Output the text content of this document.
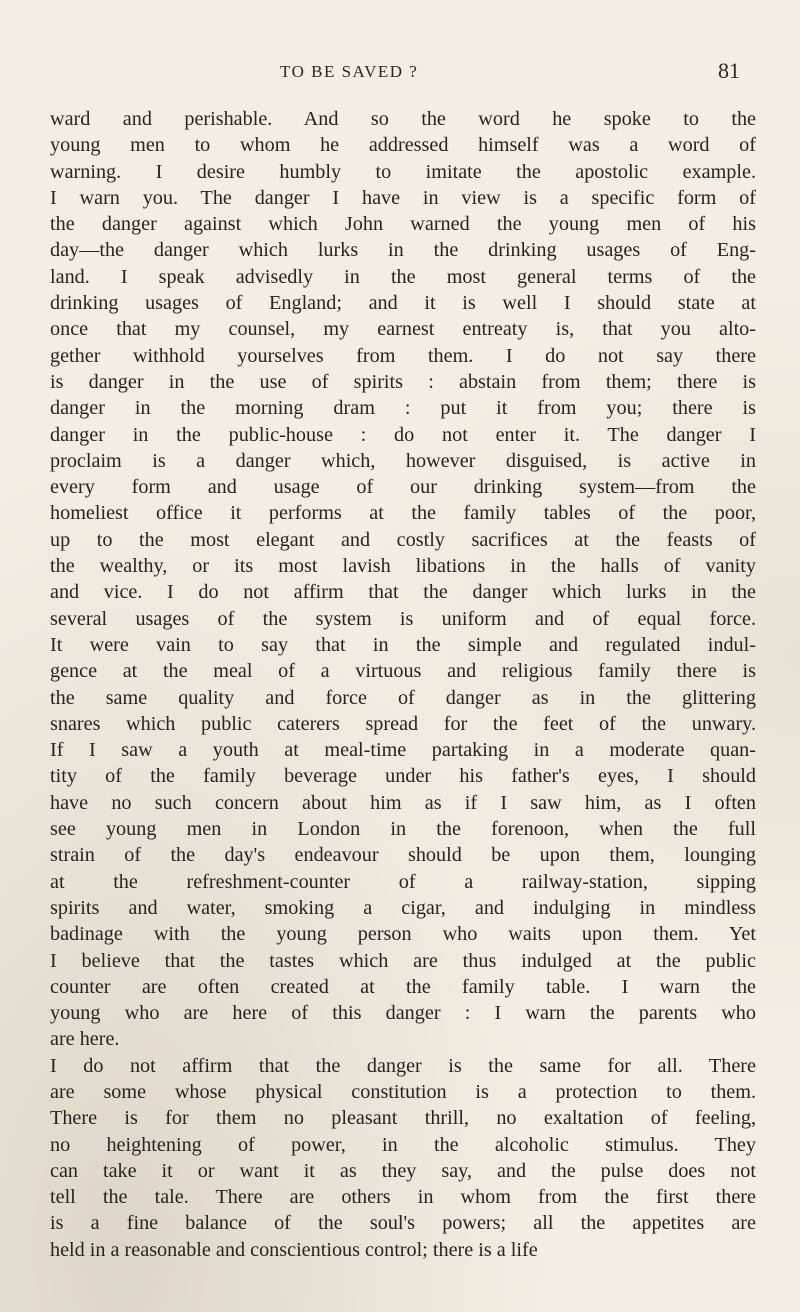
TO BE SAVED ?	81
ward and perishable. And so the word he spoke to the
young men to whom he addressed himself was a word of
warning. I desire humbly to imitate the apostolic example.
I warn you. The danger I have in view is a specific form of
the danger against which John warned the young men of his
day—the danger which lurks in the drinking usages of Eng-
land. I speak advisedly in the most general terms of the
drinking usages of England; and it is well I should state at
once that my counsel, my earnest entreaty is, that you alto-
gether withhold yourselves from them. I do not say there
is danger in the use of spirits : abstain from them; there is
danger in the morning dram : put it from you; there is
danger in the public-house : do not enter it. The danger I
proclaim is a danger which, however disguised, is active in
every form and usage of our drinking system—from the
homeliest office it performs at the family tables of the poor,
up to the most elegant and costly sacrifices at the feasts of
the wealthy, or its most lavish libations in the halls of vanity
and vice. I do not affirm that the danger which lurks in the
several usages of the system is uniform and of equal force.
It were vain to say that in the simple and regulated indul-
gence at the meal of a virtuous and religious family there is
the same quality and force of danger as in the glittering
snares which public caterers spread for the feet of the unwary.
If I saw a youth at meal-time partaking in a moderate quan-
tity of the family beverage under his father's eyes, I should
have no such concern about him as if I saw him, as I often
see young men in London in the forenoon, when the full
strain of the day's endeavour should be upon them, lounging
at the refreshment-counter of a railway-station, sipping
spirits and water, smoking a cigar, and indulging in mindless
badinage with the young person who waits upon them. Yet
I believe that the tastes which are thus indulged at the public
counter are often created at the family table. I warn the
young who are here of this danger : I warn the parents who
are here.
I do not affirm that the danger is the same for all. There
are some whose physical constitution is a protection to them.
There is for them no pleasant thrill, no exaltation of feeling,
no heightening of power, in the alcoholic stimulus. They
can take it or want it as they say, and the pulse does not
tell the tale. There are others in whom from the first there
is a fine balance of the soul's powers; all the appetites are
held in a reasonable and conscientious control; there is a life
